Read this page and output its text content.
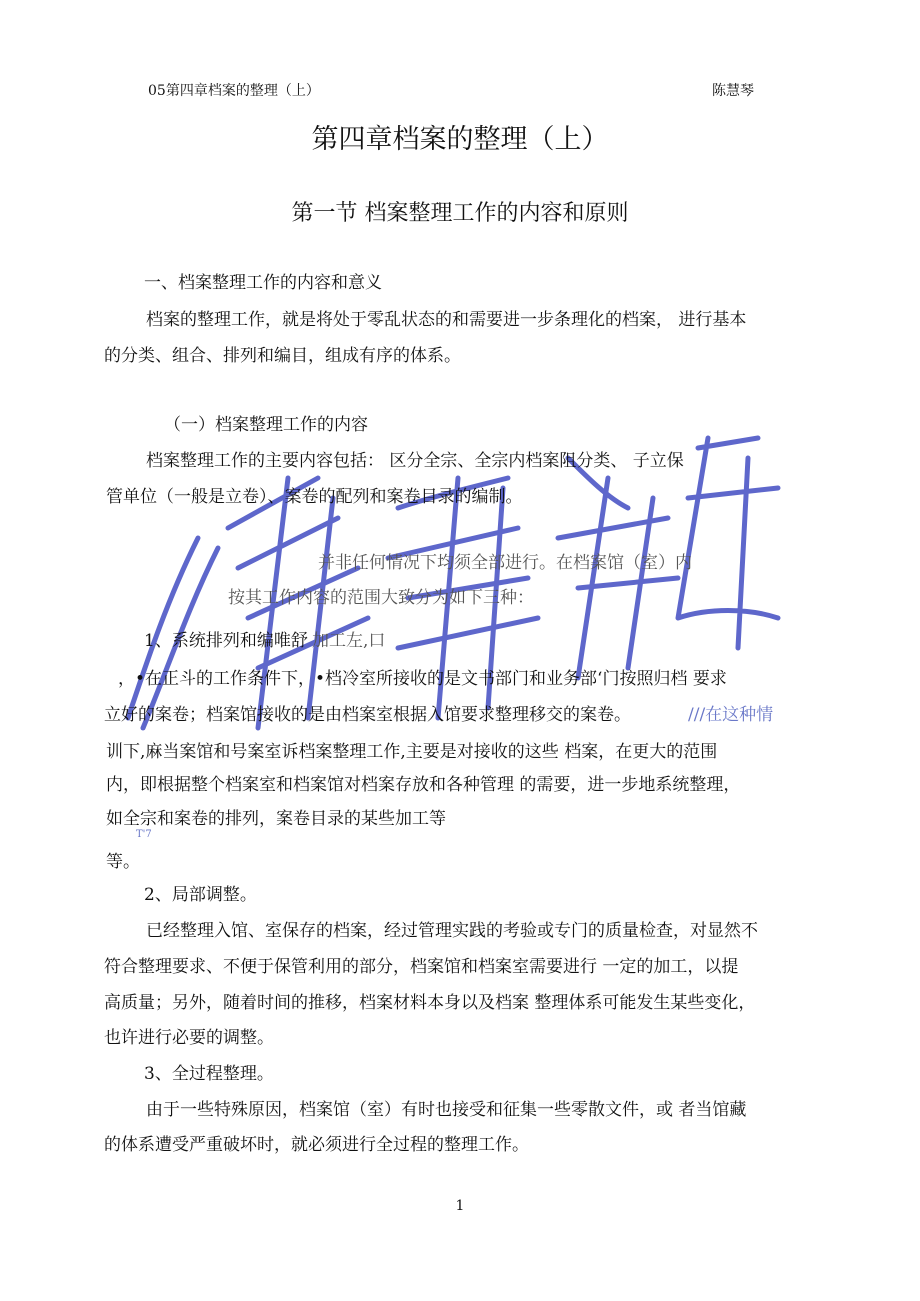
05第四章档案的整理（上）	陈慧琴
第四章档案的整理（上）
第一节 档案整理工作的内容和原则
一、档案整理工作的内容和意义
档案的整理工作，就是将处于零乱状态的和需要进一步条理化的档案， 进行基本
的分类、组合、排列和编目，组成有序的体系。
（一）档案整理工作的内容
档案整理工作的主要内容包括： 区分全宗、全宗内档案阻分类、 子立保
管单位（一般是立卷）、案卷的配列和案卷目录的编制。
并非任何情况下均须全部进行。在档案馆（室）内
按其工作内容的范围大致分为如下三种：
1、系统排列和编唯舒 加工左,口
，•在正斗的工作条件下，•档冷室所接收的是文书部门和业务部‘门按照归档 要求
立好的案卷；档案馆接收的是由档案室根据入馆要求整理移交的案卷。	///在这种情
训下,麻当案馆和号案室诉档案整理工作,主要是对接收的这些 档案，在更大的范围
内，即根据整个档案室和档案馆对档案存放和各种管理 的需要，进一步地系统整理，
如全宗和案卷的排列，案卷目录的某些加工等
T'7
等。
2、局部调整。
已经整理入馆、室保存的档案，经过管理实践的考验或专门的质量检查，对显然不
符合整理要求、不便于保管利用的部分，档案馆和档案室需要进行 一定的加工，以提
高质量；另外，随着时间的推移，档案材料本身以及档案 整理体系可能发生某些变化，
也许进行必要的调整。
3、全过程整理。
由于一些特殊原因，档案馆（室）有时也接受和征集一些零散文件，或 者当馆藏
的体系遭受严重破坏时，就必须进行全过程的整理工作。
1
